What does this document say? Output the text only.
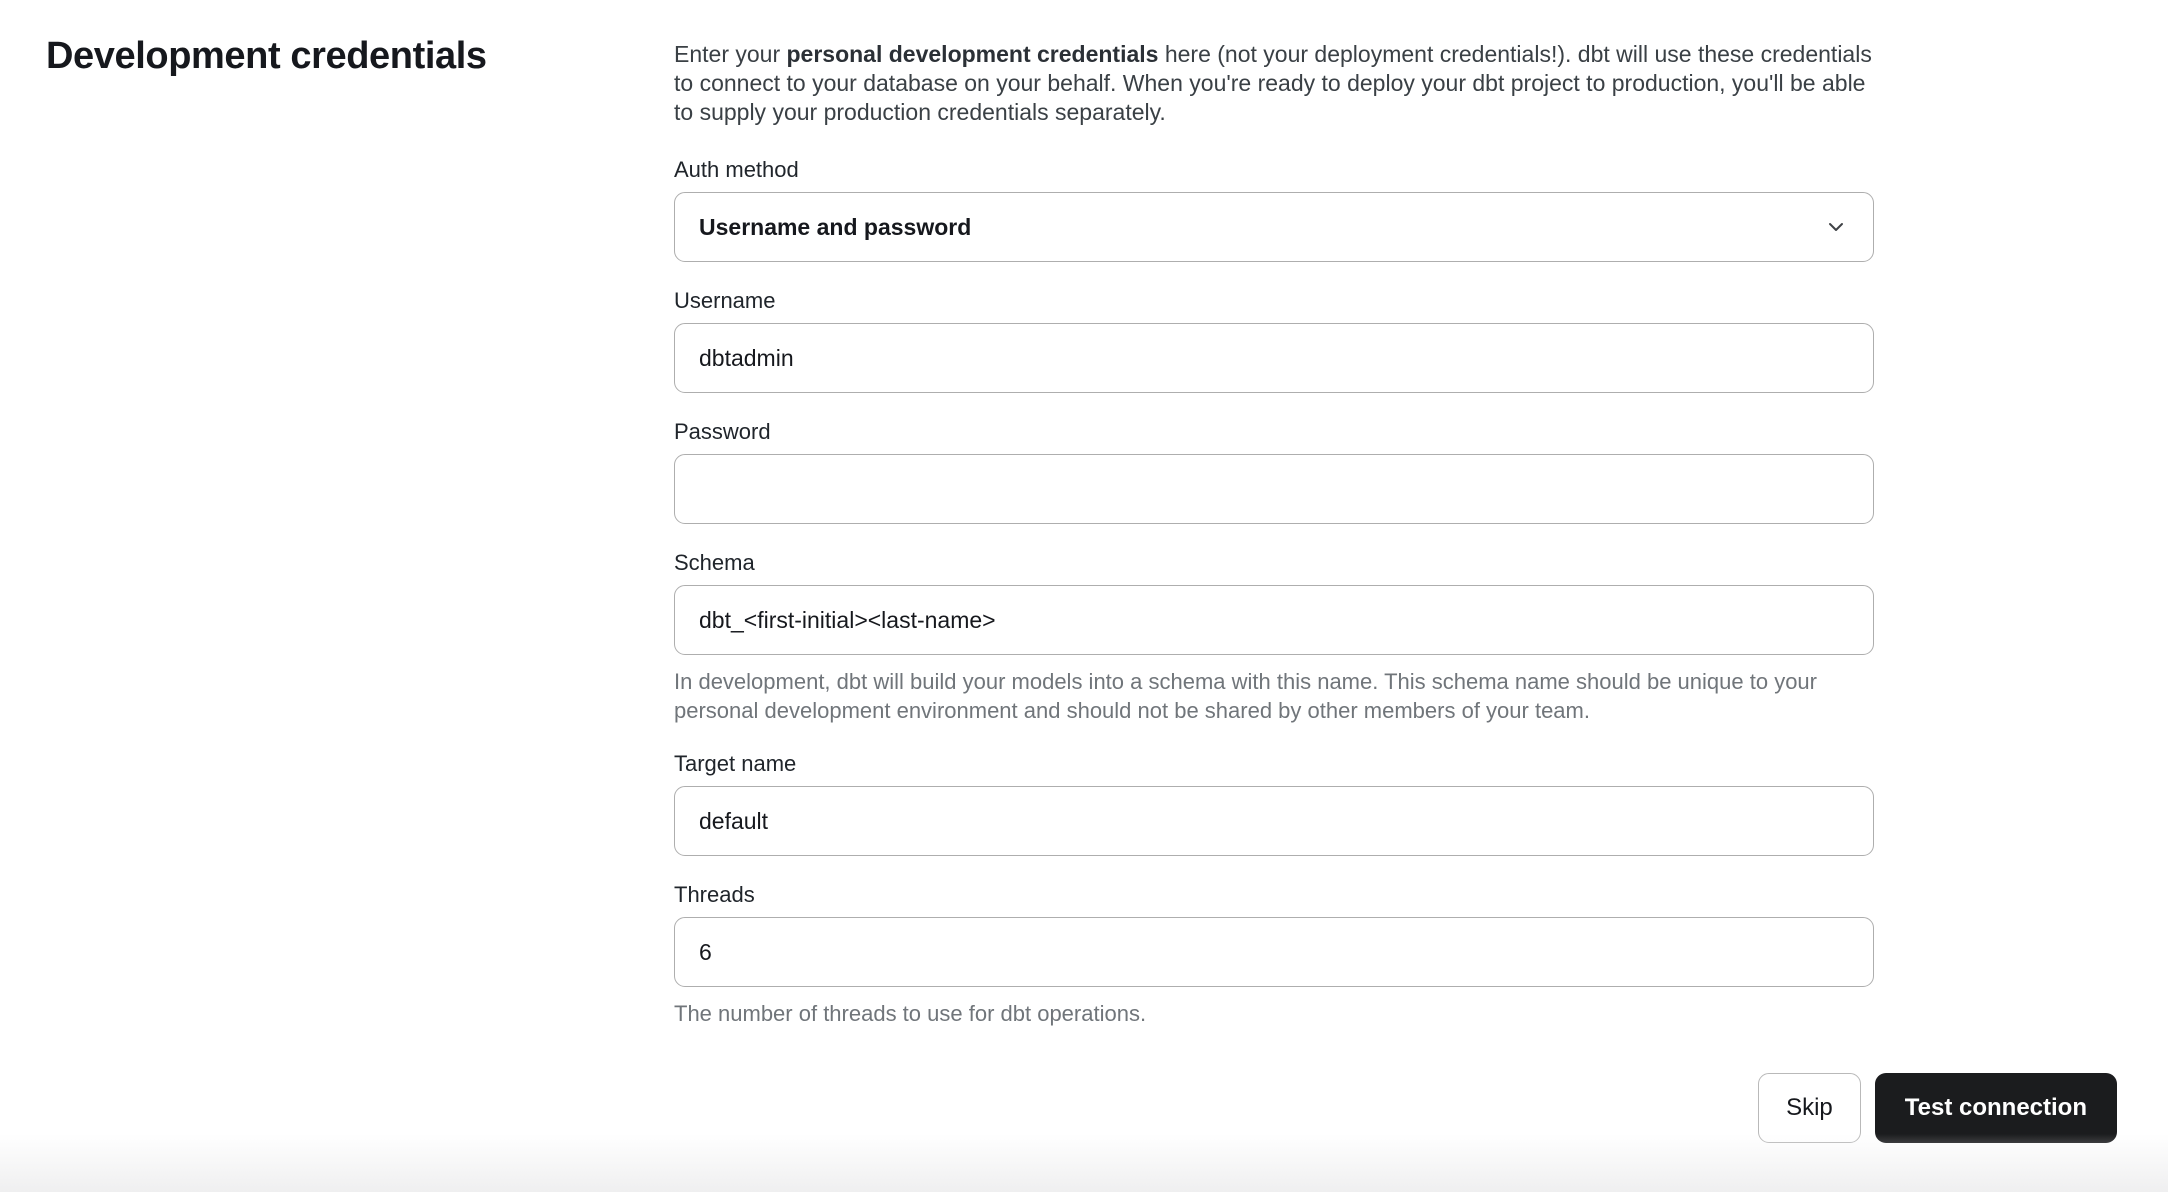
Development credentials	Enter your personal development credentials here (not your deployment credentials!). dbt will use these credentials to connect to your database on your behalf. When you're ready to deploy your dbt project to production, you'll be able to supply your production credentials separately.

Auth method
Username and password
Username
dbtadmin
Password
Schema
dbt_<first-initial><last-name>

In development, dbt will build your models into a schema with this name. This schema name should be unique to your personal development environment and should not be shared by other members of your team.

Target name
default
Threads
6

The number of threads to use for dbt operations.

Skip	Test connection
